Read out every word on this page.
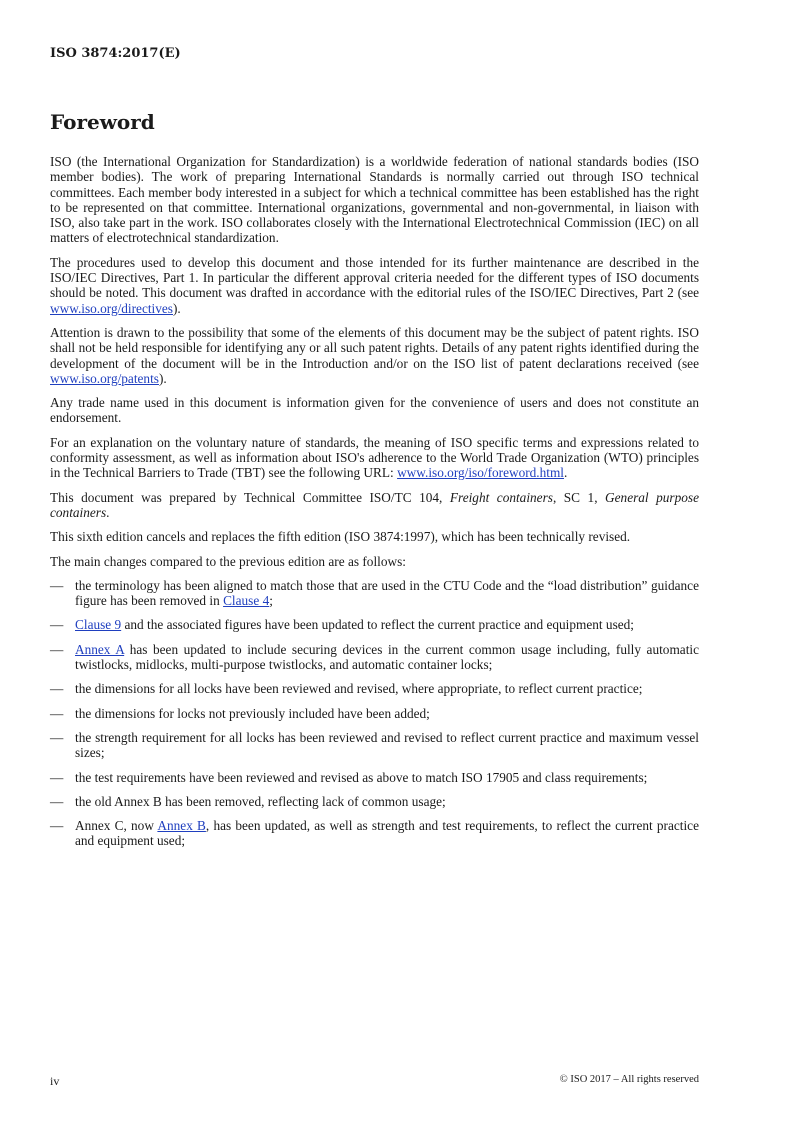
ISO 3874:2017(E)
Foreword

ISO (the International Organization for Standardization) is a worldwide federation of national standards bodies (ISO member bodies). The work of preparing International Standards is normally carried out through ISO technical committees. Each member body interested in a subject for which a technical committee has been established has the right to be represented on that committee. International organizations, governmental and non-governmental, in liaison with ISO, also take part in the work. ISO collaborates closely with the International Electrotechnical Commission (IEC) on all matters of electrotechnical standardization.

The procedures used to develop this document and those intended for its further maintenance are described in the ISO/IEC Directives, Part 1. In particular the different approval criteria needed for the different types of ISO documents should be noted. This document was drafted in accordance with the editorial rules of the ISO/IEC Directives, Part 2 (see www.iso.org/directives).

Attention is drawn to the possibility that some of the elements of this document may be the subject of patent rights. ISO shall not be held responsible for identifying any or all such patent rights. Details of any patent rights identified during the development of the document will be in the Introduction and/or on the ISO list of patent declarations received (see www.iso.org/patents).

Any trade name used in this document is information given for the convenience of users and does not constitute an endorsement.

For an explanation on the voluntary nature of standards, the meaning of ISO specific terms and expressions related to conformity assessment, as well as information about ISO's adherence to the World Trade Organization (WTO) principles in the Technical Barriers to Trade (TBT) see the following URL: www.iso.org/iso/foreword.html.

This document was prepared by Technical Committee ISO/TC 104, Freight containers, SC 1, General purpose containers.

This sixth edition cancels and replaces the fifth edition (ISO 3874:1997), which has been technically revised.

The main changes compared to the previous edition are as follows:

— the terminology has been aligned to match those that are used in the CTU Code and the “load distribution” guidance figure has been removed in Clause 4;
— Clause 9 and the associated figures have been updated to reflect the current practice and equipment used;
— Annex A has been updated to include securing devices in the current common usage including, fully automatic twistlocks, midlocks, multi-purpose twistlocks, and automatic container locks;
— the dimensions for all locks have been reviewed and revised, where appropriate, to reflect current practice;
— the dimensions for locks not previously included have been added;
— the strength requirement for all locks has been reviewed and revised to reflect current practice and maximum vessel sizes;
— the test requirements have been reviewed and revised as above to match ISO 17905 and class requirements;
— the old Annex B has been removed, reflecting lack of common usage;
— Annex C, now Annex B, has been updated, as well as strength and test requirements, to reflect the current practice and equipment used;
iv	© ISO 2017 – All rights reserved
